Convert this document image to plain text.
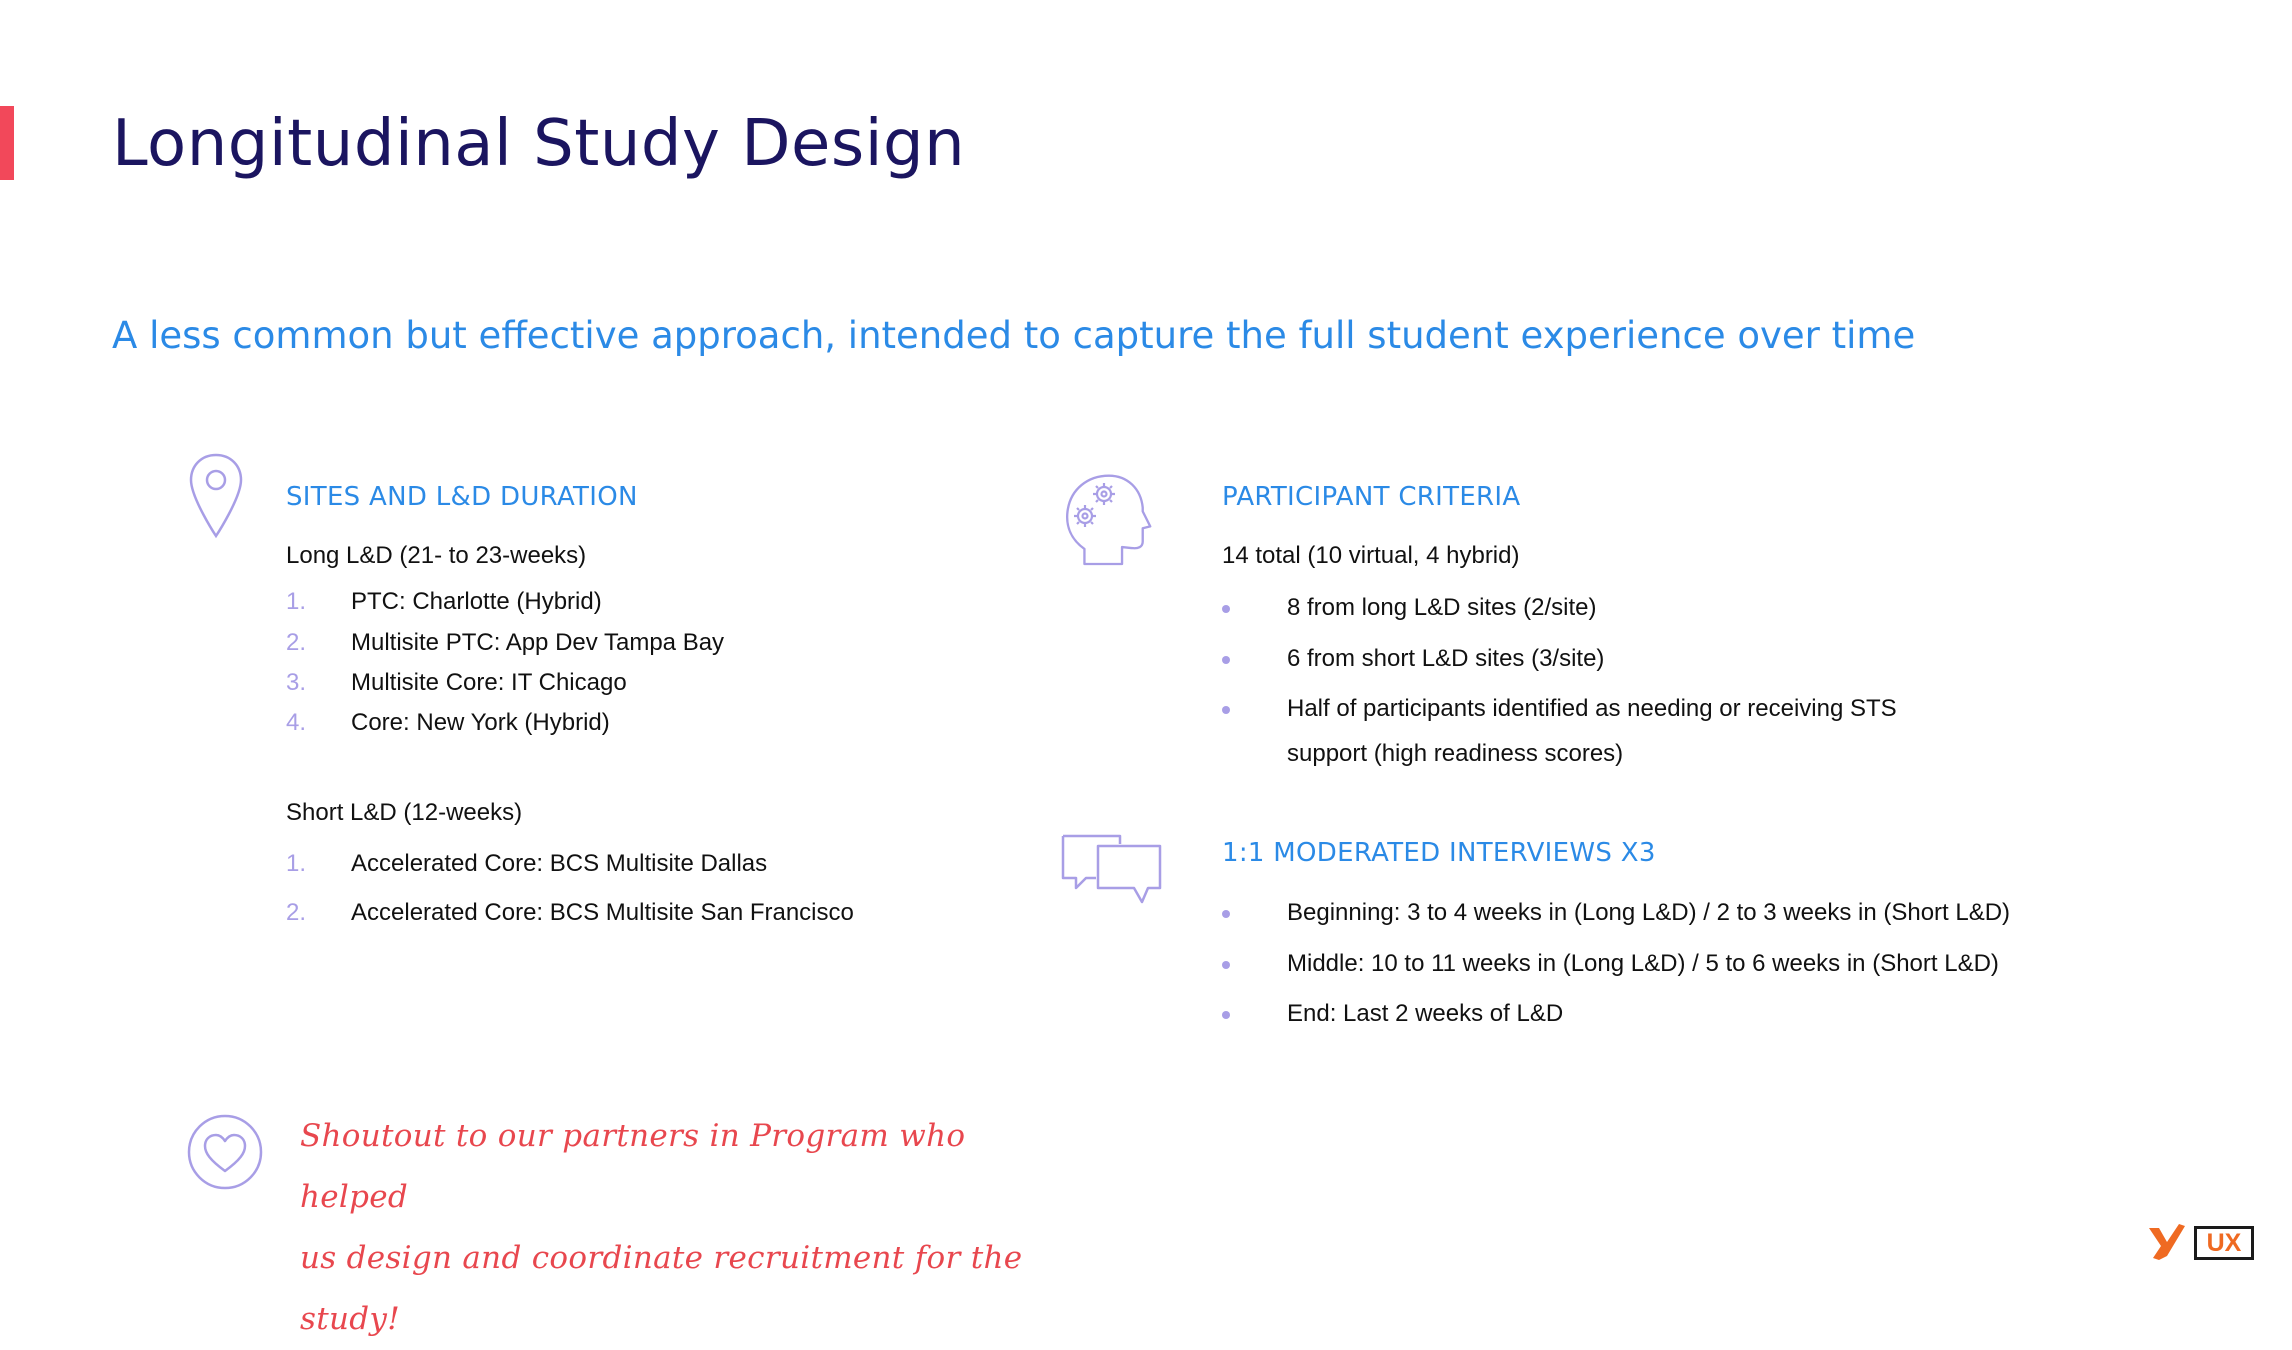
Longitudinal Study Design

A less common but effective approach, intended to capture the full student experience over time

SITES AND L&D DURATION

Long L&D (21- to 23-weeks)

1.	PTC: Charlotte (Hybrid)
2.	Multisite PTC: App Dev Tampa Bay
3.	Multisite Core: IT Chicago
4.	Core: New York (Hybrid)

Short L&D (12-weeks)

1.	Accelerated Core: BCS Multisite Dallas
2.	Accelerated Core: BCS Multisite San Francisco
PARTICIPANT CRITERIA

14 total (10 virtual, 4 hybrid)

8 from long L&D sites (2/site)
6 from short L&D sites (3/site)
Half of participants identified as needing or receiving STS
support (high readiness scores)
1:1 MODERATED INTERVIEWS X3
Beginning: 3 to 4 weeks in (Long L&D) / 2 to 3 weeks in (Short L&D)
Middle: 10 to 11 weeks in (Long L&D) / 5 to 6 weeks in (Short L&D)
End: Last 2 weeks of L&D

Shoutout to our partners in Program who helped
us design and coordinate recruitment for the study!

UX
